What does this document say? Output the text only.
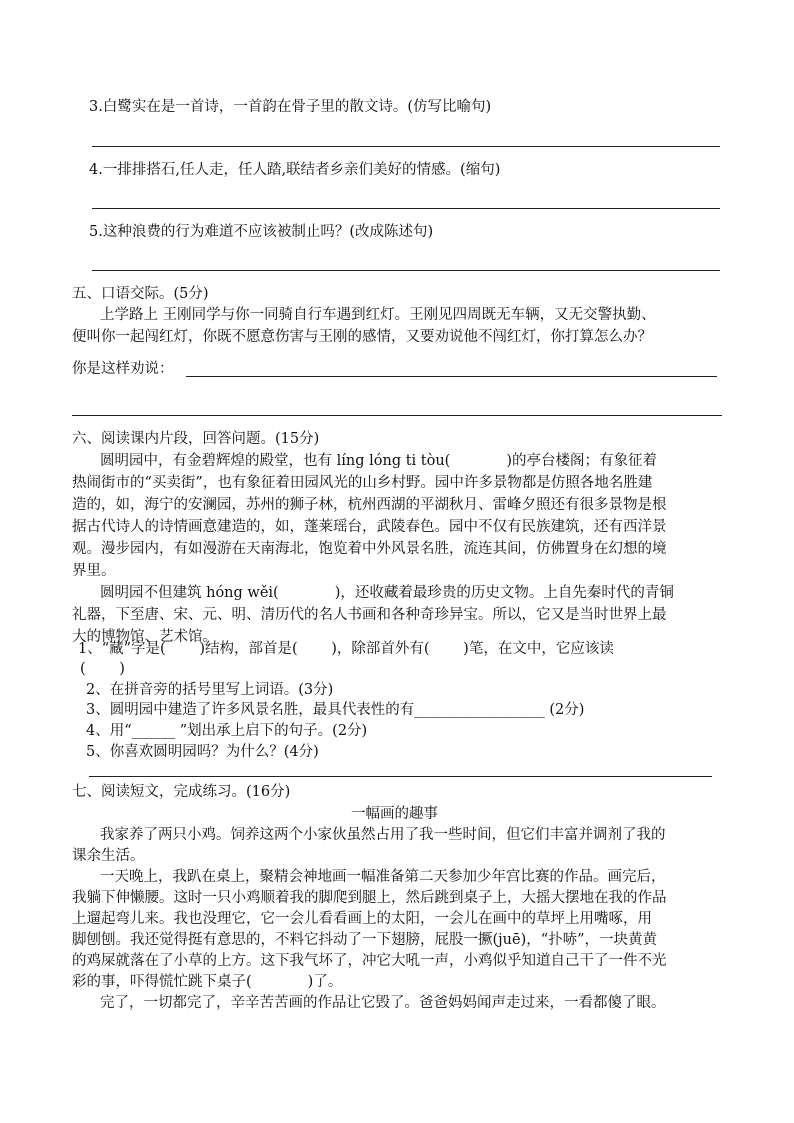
3.白鹭实在是一首诗，一首韵在骨子里的散文诗。(仿写比喻句)
4.一排排搭石,任人走，任人踏,联结者乡亲们美好的情感。(缩句)
5.这种浪费的行为难道不应该被制止吗？(改成陈述句)
五、口语交际。(5分)
上学路上 王刚同学与你一同骑自行车遇到红灯。王刚见四周既无车辆，又无交警执勤、
便叫你一起闯红灯，你既不愿意伤害与王刚的感情，又要劝说他不闯红灯，你打算怎么办？
你是这样劝说：
六、阅读课内片段，回答问题。(15分)
圆明园中，有金碧辉煌的殿堂，也有 líng lóng ti tòu(	)的亭台楼阁；有象征着
热闹街市的“买卖街”，也有象征着田园风光的山乡村野。园中许多景物都是仿照各地名胜建
造的，如，海宁的安澜园，苏州的狮子林，杭州西湖的平湖秋月、雷峰夕照还有很多景物是根
据古代诗人的诗情画意建造的，如，蓬莱瑶台，武陵春色。园中不仅有民族建筑，还有西洋景
观。漫步园内，有如漫游在天南海北，饱览着中外风景名胜，流连其间，仿佛置身在幻想的境
界里。
圆明园不但建筑 hóng wěi(	)，还收藏着最珍贵的历史文物。上自先秦时代的青铜
礼器，下至唐、宋、元、明、清历代的名人书画和各种奇珍异宝。所以，它又是当时世界上最
大的博物馆、艺术馆。
1、“藏”字是(　　 )结构，部首是(　　 )，除部首外有(　　 )笔，在文中，它应该读
(　　 )
2、在拼音旁的括号里写上词语。(3分)
3、圆明园中建造了许多风景名胜，最具代表性的有__________________ (2分)
4、用“______ ”划出承上启下的句子。(2分)
5、你喜欢圆明园吗？为什么？(4分)
七、阅读短文，完成练习。(16分)
一幅画的趣事
我家养了两只小鸡。饲养这两个小家伙虽然占用了我一些时间，但它们丰富并调剂了我的
课余生活。
一天晚上，我趴在桌上，聚精会神地画一幅准备第二天参加少年宫比赛的作品。画完后，
我躺下伸懒腰。这时一只小鸡顺着我的脚爬到腿上，然后跳到桌子上，大摇大摆地在我的作品
上遛起弯儿来。我也没理它，它一会儿看看画上的太阳，一会儿在画中的草坪上用嘴啄，用
脚刨刨。我还觉得挺有意思的，不料它抖动了一下翅膀，屁股一撅(juē)，“扑哧”，一块黄黄
的鸡屎就落在了小草的上方。这下我气坏了，冲它大吼一声，小鸡似乎知道自己干了一件不光
彩的事，吓得慌忙跳下桌子(	)了。
完了，一切都完了，辛辛苦苦画的作品让它毁了。爸爸妈妈闻声走过来，一看都傻了眼。
